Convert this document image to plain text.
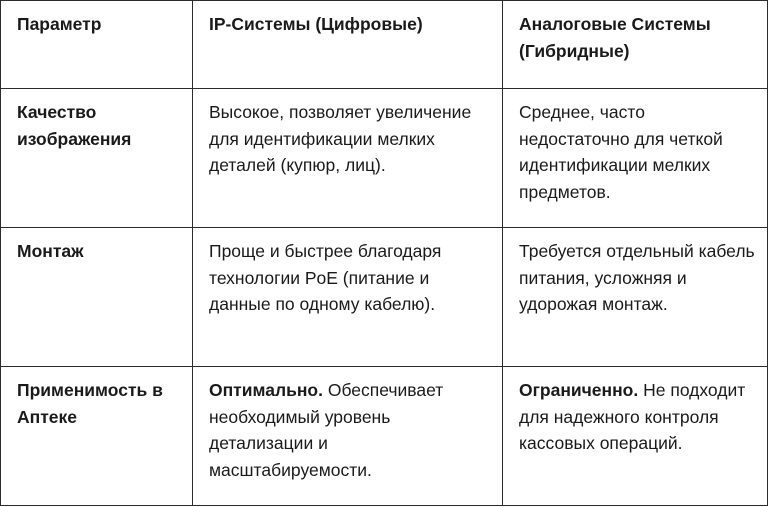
Параметр	IP-Системы (Цифровые)	Аналоговые Системы (Гибридные)
Качество изображения	Высокое, позволяет увеличение для идентификации мелких деталей (купюр, лиц).	Среднее, часто недостаточно для четкой идентификации мелких предметов.
Монтаж	Проще и быстрее благодаря технологии PoE (питание и данные по одному кабелю).	Требуется отдельный кабель питания, усложняя и удорожая монтаж.
Применимость в Аптеке	Оптимально. Обеспечивает необходимый уровень детализации и масштабируемости.	Ограниченно. Не подходит для надежного контроля кассовых операций.
